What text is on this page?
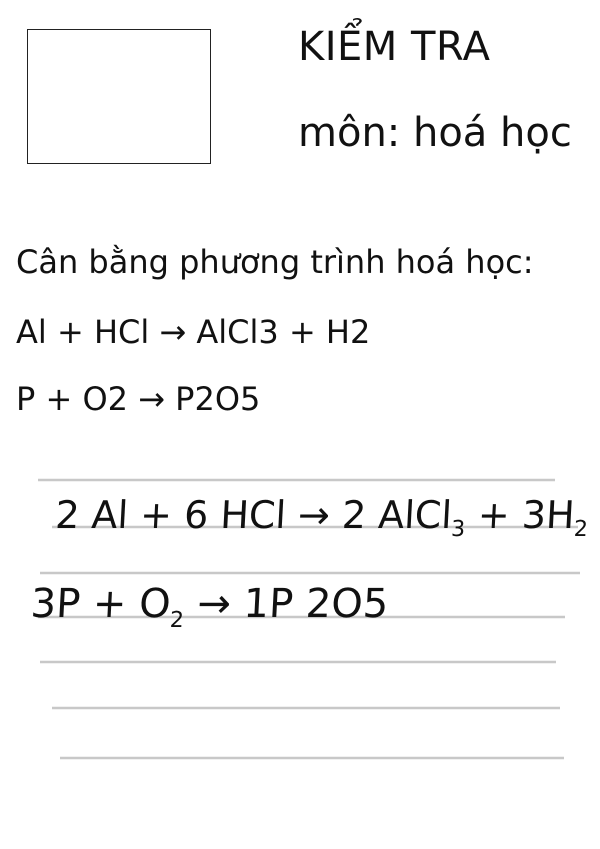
KIỂM TRA
môn: hoá học
Cân bằng phương trình hoá học:
Al + HCl → AlCl3 + H2
P + O2 → P2O5
2 Al + 6 HCl → 2 AlCl$_3$ + $3H_2$
$3P + O_2 \to 1P$ 2O5
